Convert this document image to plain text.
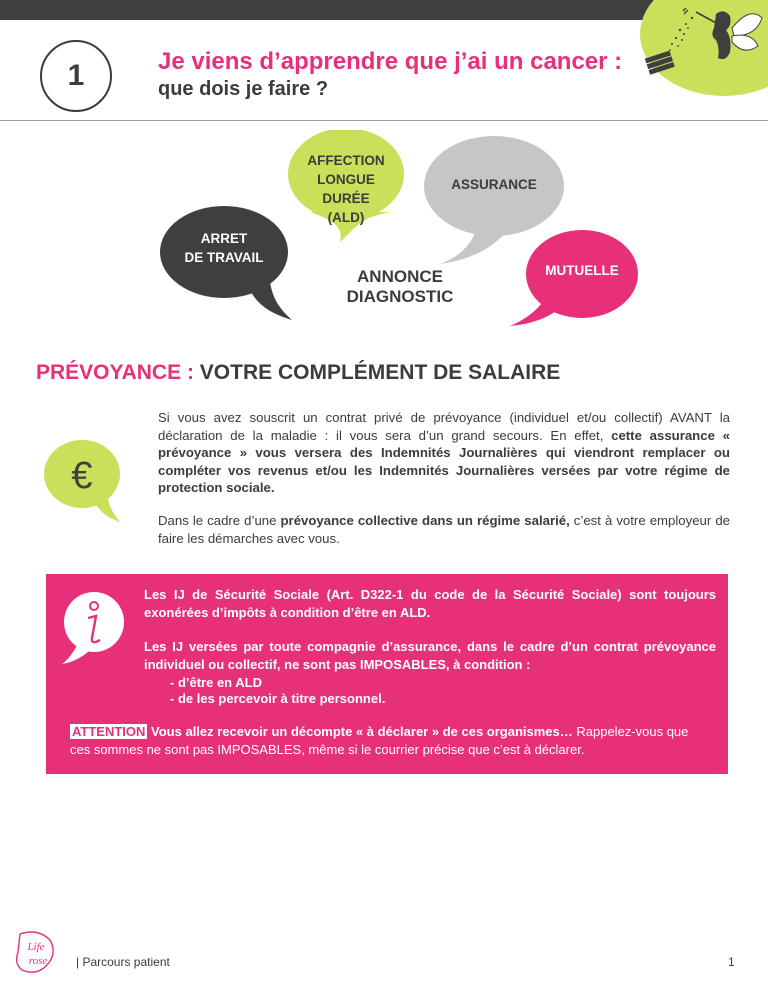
1	Je viens d’apprendre que j’ai un cancer :
que dois je faire ?
AFFECTION
LONGUE
DURÉE
(ALD)
ASSURANCE
ARRET
DE TRAVAIL
MUTUELLE
ANNONCE
DIAGNOSTIC
PRÉVOYANCE : VOTRE COMPLÉMENT DE SALAIRE
€
Si vous avez souscrit un contrat privé de prévoyance (individuel et/ou collectif) AVANT la déclaration de la maladie : il vous sera d’un grand secours. En effet, cette assurance « prévoyance » vous versera des Indemnités Journalières qui viendront remplacer ou compléter vos revenus et/ou les Indemnités Journalières versées par votre régime de protection sociale.
Dans le cadre d’une prévoyance collective dans un régime salarié, c’est à votre employeur de faire les démarches avec vous.
Les IJ de Sécurité Sociale (Art. D322-1 du code de la Sécurité Sociale) sont toujours exonérées d’impôts à condition d’être en ALD.
Les IJ versées par toute compagnie d’assurance, dans le cadre d’un contrat prévoyance individuel ou collectif, ne sont pas IMPOSABLES, à condition :
- d’être en ALD
- de les percevoir à titre personnel.
ATTENTION Vous allez recevoir un décompte « à déclarer » de ces organismes… Rappelez-vous que ces sommes ne sont pas IMPOSABLES, même si le courrier précise que c’est à déclarer.
Life
rose | Parcours patient	1
